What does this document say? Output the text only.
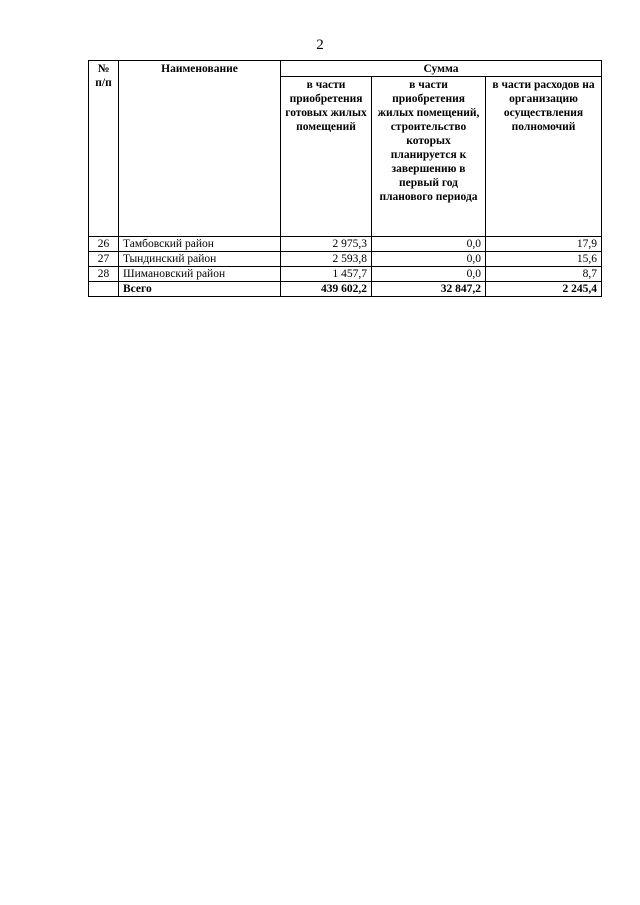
2
№ п/п	Наименование	Сумма		
		в части приобретения готовых жилых помещений	в части приобретения жилых помещений, строительство которых планируется к завершению в первый год планового периода	в части расходов на организацию осуществления полномочий
26	Тамбовский район	2 975,3	0,0	17,9
27	Тындинский район	2 593,8	0,0	15,6
28	Шимановский район	1 457,7	0,0	8,7
	Всего	439 602,2	32 847,2	2 245,4
